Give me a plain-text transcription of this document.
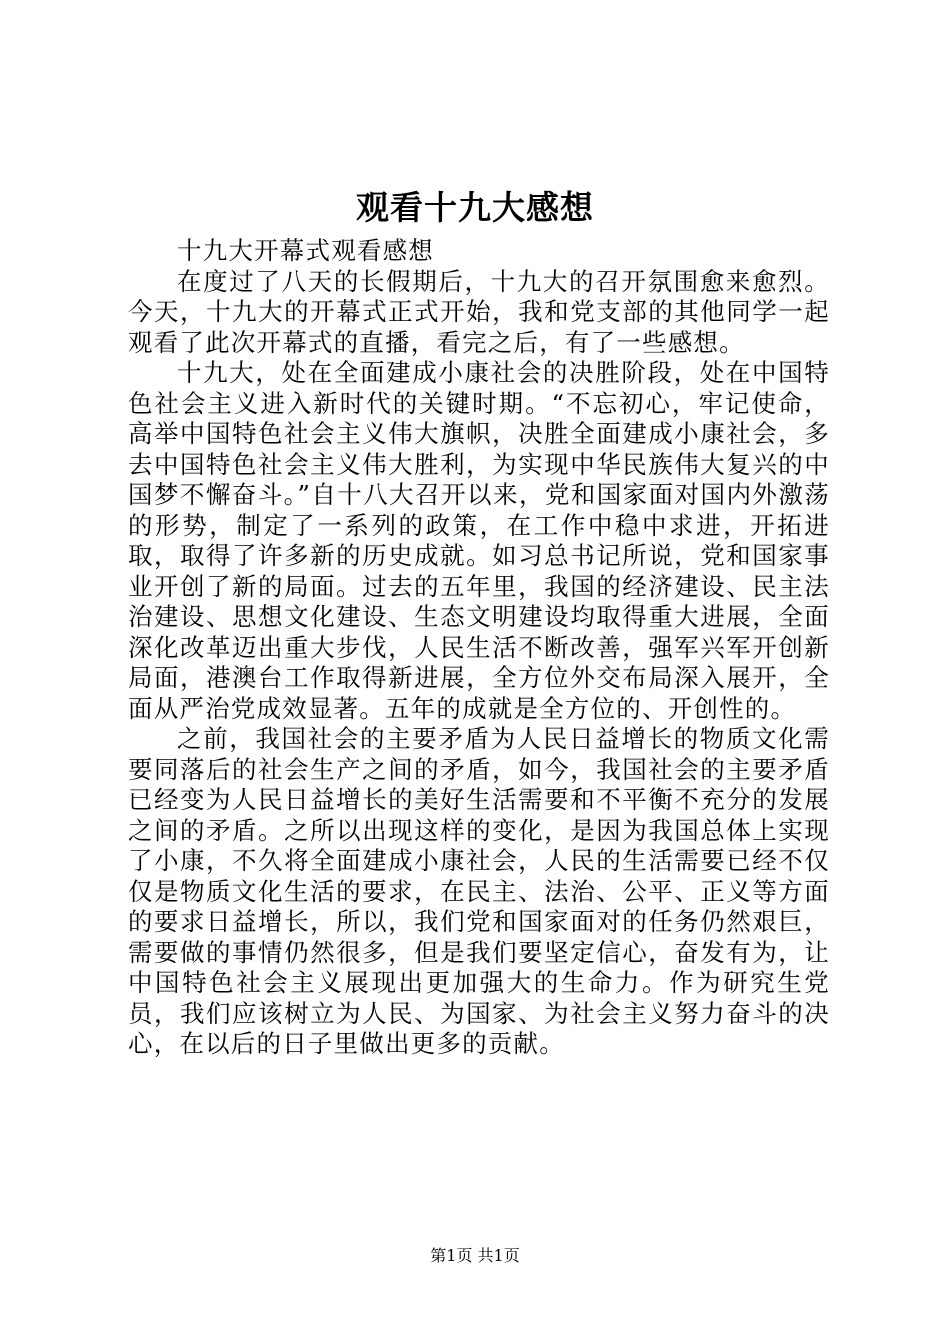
观看十九大感想

十九大开幕式观看感想

在度过了八天的长假期后，十九大的召开氛围愈来愈烈。今天，十九大的开幕式正式开始，我和党支部的其他同学一起观看了此次开幕式的直播，看完之后，有了一些感想。

十九大，处在全面建成小康社会的决胜阶段，处在中国特色社会主义进入新时代的关键时期。“不忘初心，牢记使命，高举中国特色社会主义伟大旗帜，决胜全面建成小康社会，多去中国特色社会主义伟大胜利，为实现中华民族伟大复兴的中国梦不懈奋斗。”自十八大召开以来，党和国家面对国内外激荡的形势，制定了一系列的政策，在工作中稳中求进，开拓进取，取得了许多新的历史成就。如习总书记所说，党和国家事业开创了新的局面。过去的五年里，我国的经济建设、民主法治建设、思想文化建设、生态文明建设均取得重大进展，全面深化改革迈出重大步伐，人民生活不断改善，强军兴军开创新局面，港澳台工作取得新进展，全方位外交布局深入展开，全面从严治党成效显著。五年的成就是全方位的、开创性的。

之前，我国社会的主要矛盾为人民日益增长的物质文化需要同落后的社会生产之间的矛盾，如今，我国社会的主要矛盾已经变为人民日益增长的美好生活需要和不平衡不充分的发展之间的矛盾。之所以出现这样的变化，是因为我国总体上实现了小康，不久将全面建成小康社会，人民的生活需要已经不仅仅是物质文化生活的要求，在民主、法治、公平、正义等方面的要求日益增长，所以，我们党和国家面对的任务仍然艰巨，需要做的事情仍然很多，但是我们要坚定信心，奋发有为，让中国特色社会主义展现出更加强大的生命力。作为研究生党员，我们应该树立为人民、为国家、为社会主义努力奋斗的决心，在以后的日子里做出更多的贡献。

第1页 共1页
